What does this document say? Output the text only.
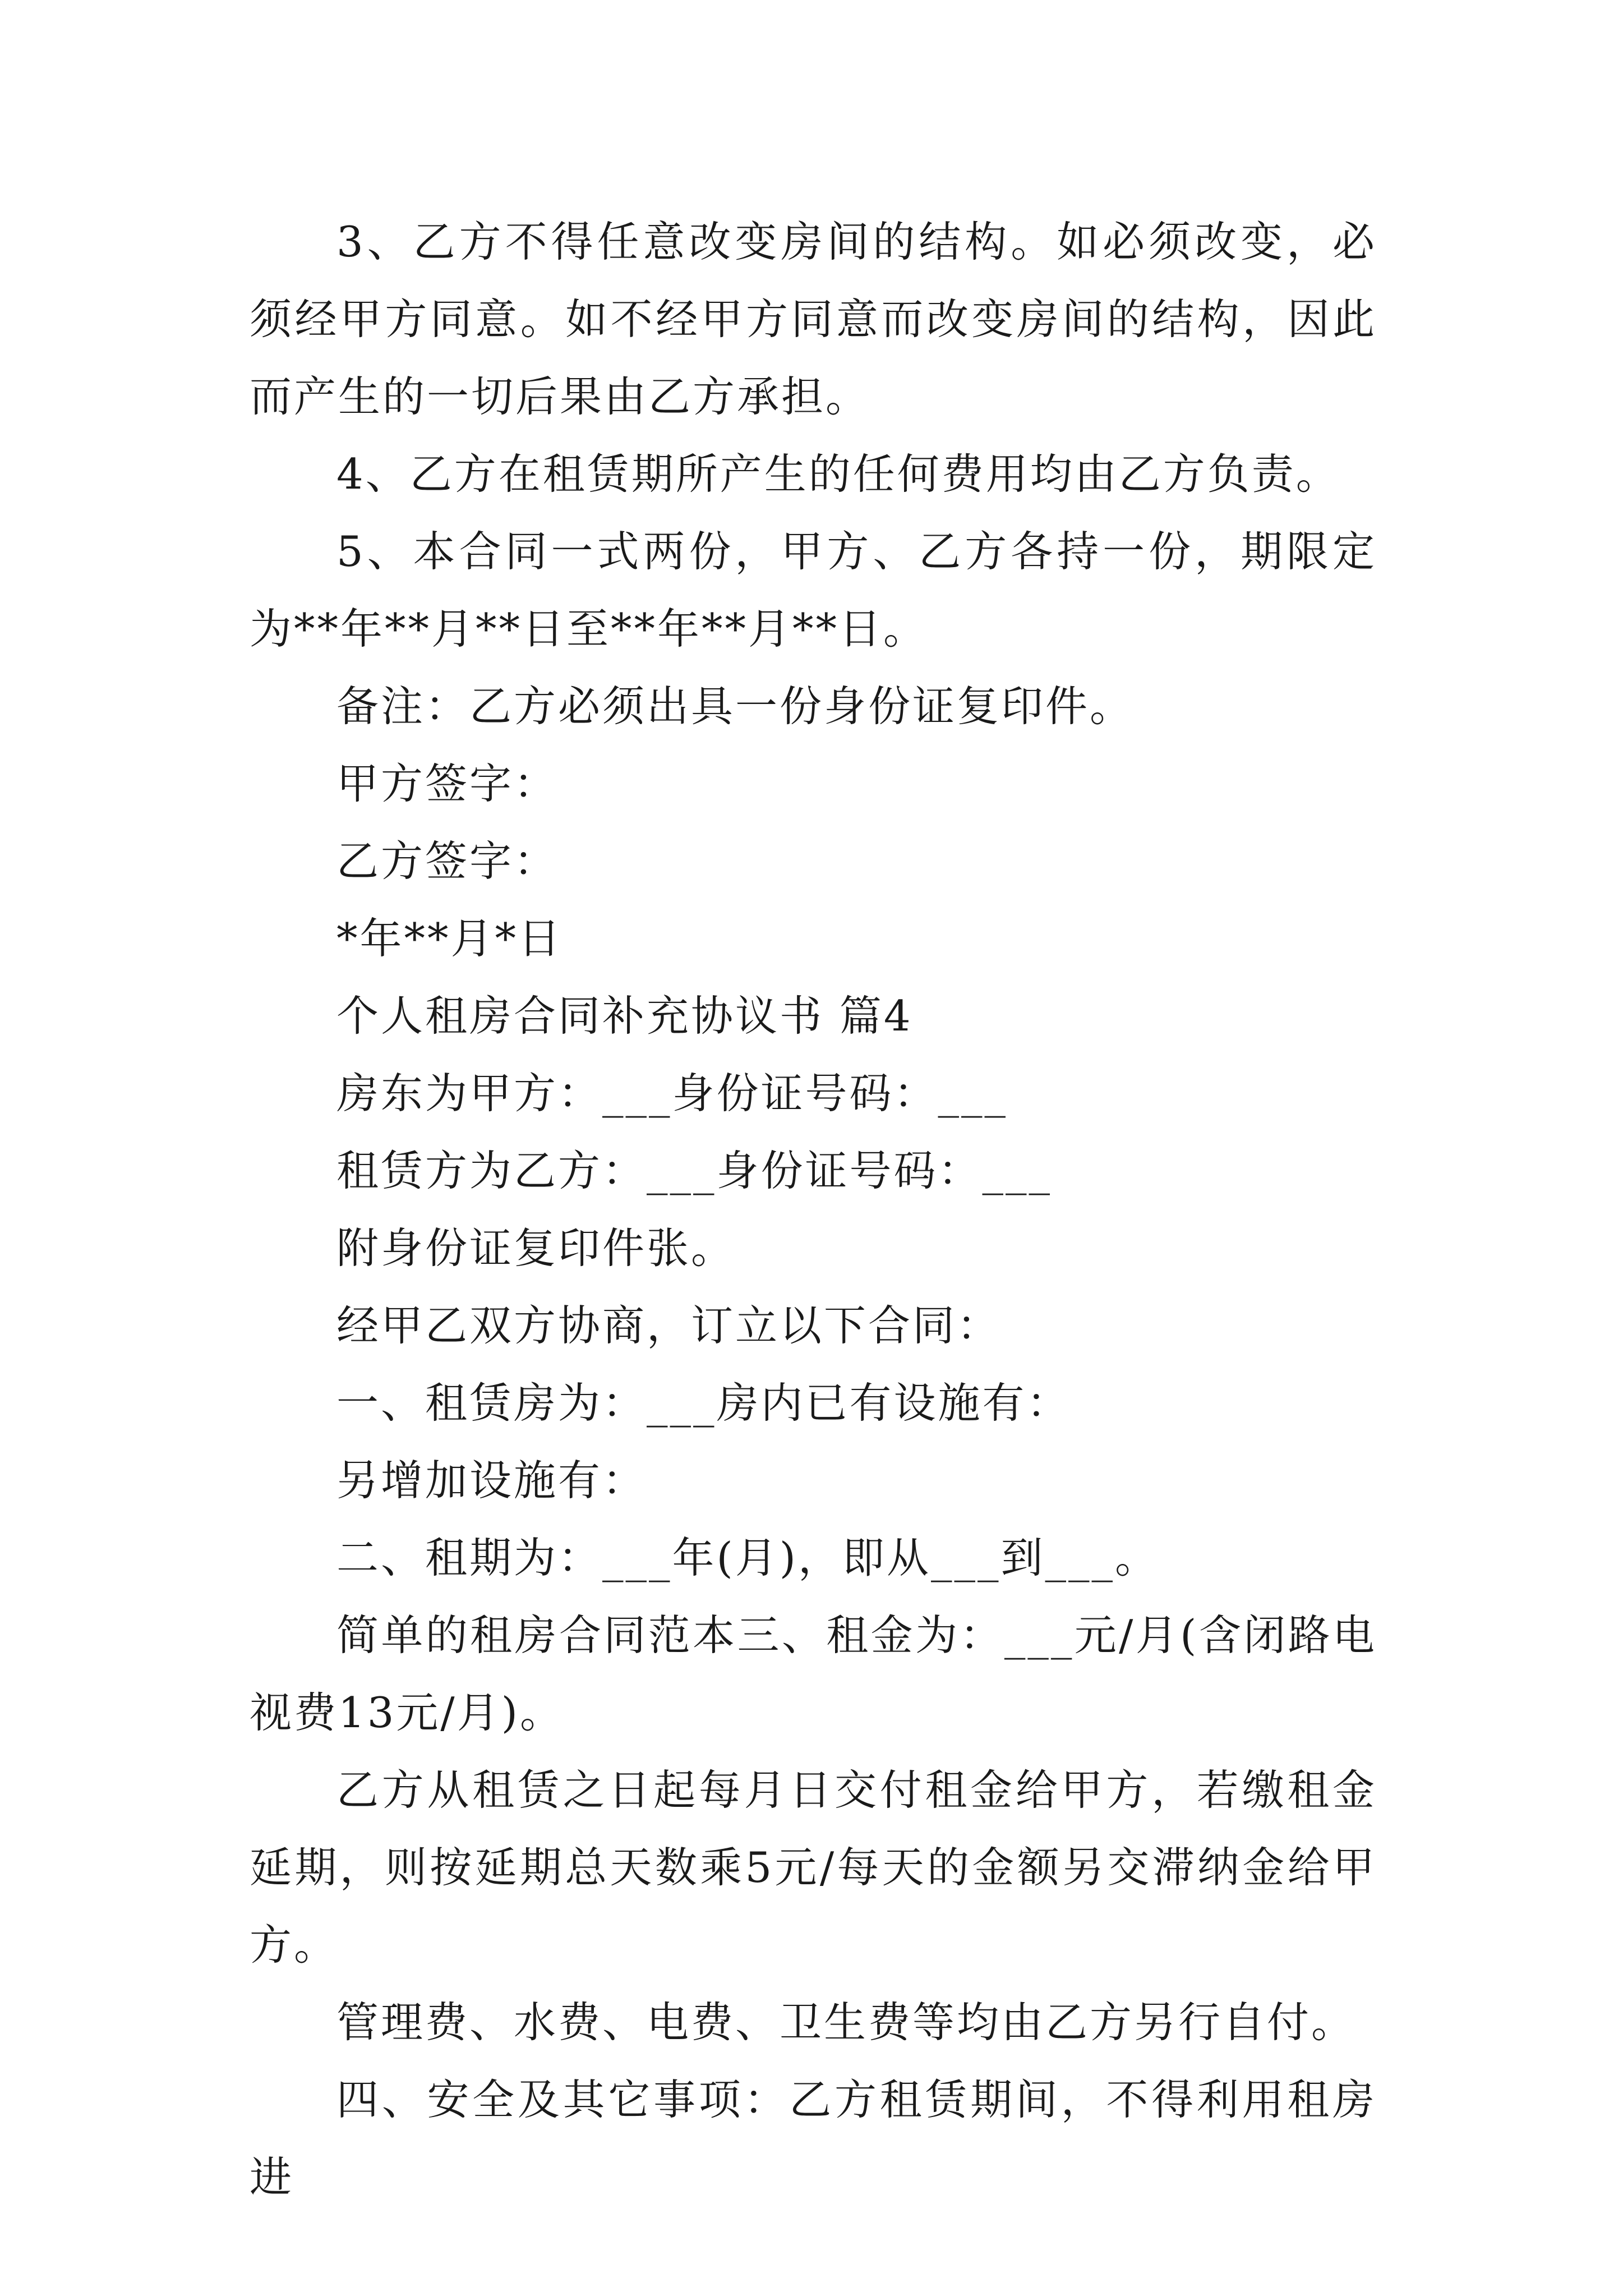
3、乙方不得任意改变房间的结构。如必须改变，必须经甲方同意。如不经甲方同意而改变房间的结构，因此而产生的一切后果由乙方承担。

4、乙方在租赁期所产生的任何费用均由乙方负责。

5、本合同一式两份，甲方、乙方各持一份，期限定为**年**月**日至**年**月**日。

备注：乙方必须出具一份身份证复印件。

甲方签字：

乙方签字：

*年**月*日

个人租房合同补充协议书 篇4

房东为甲方：___身份证号码：___

租赁方为乙方：___身份证号码：___

附身份证复印件张。

经甲乙双方协商，订立以下合同：

一、租赁房为：___房内已有设施有：

另增加设施有：

二、租期为：___年(月)，即从___到___。

简单的租房合同范本三、租金为：___元/月(含闭路电视费13元/月)。

乙方从租赁之日起每月日交付租金给甲方，若缴租金延期，则按延期总天数乘5元/每天的金额另交滞纳金给甲方。

管理费、水费、电费、卫生费等均由乙方另行自付。

四、安全及其它事项：乙方租赁期间，不得利用租房进
